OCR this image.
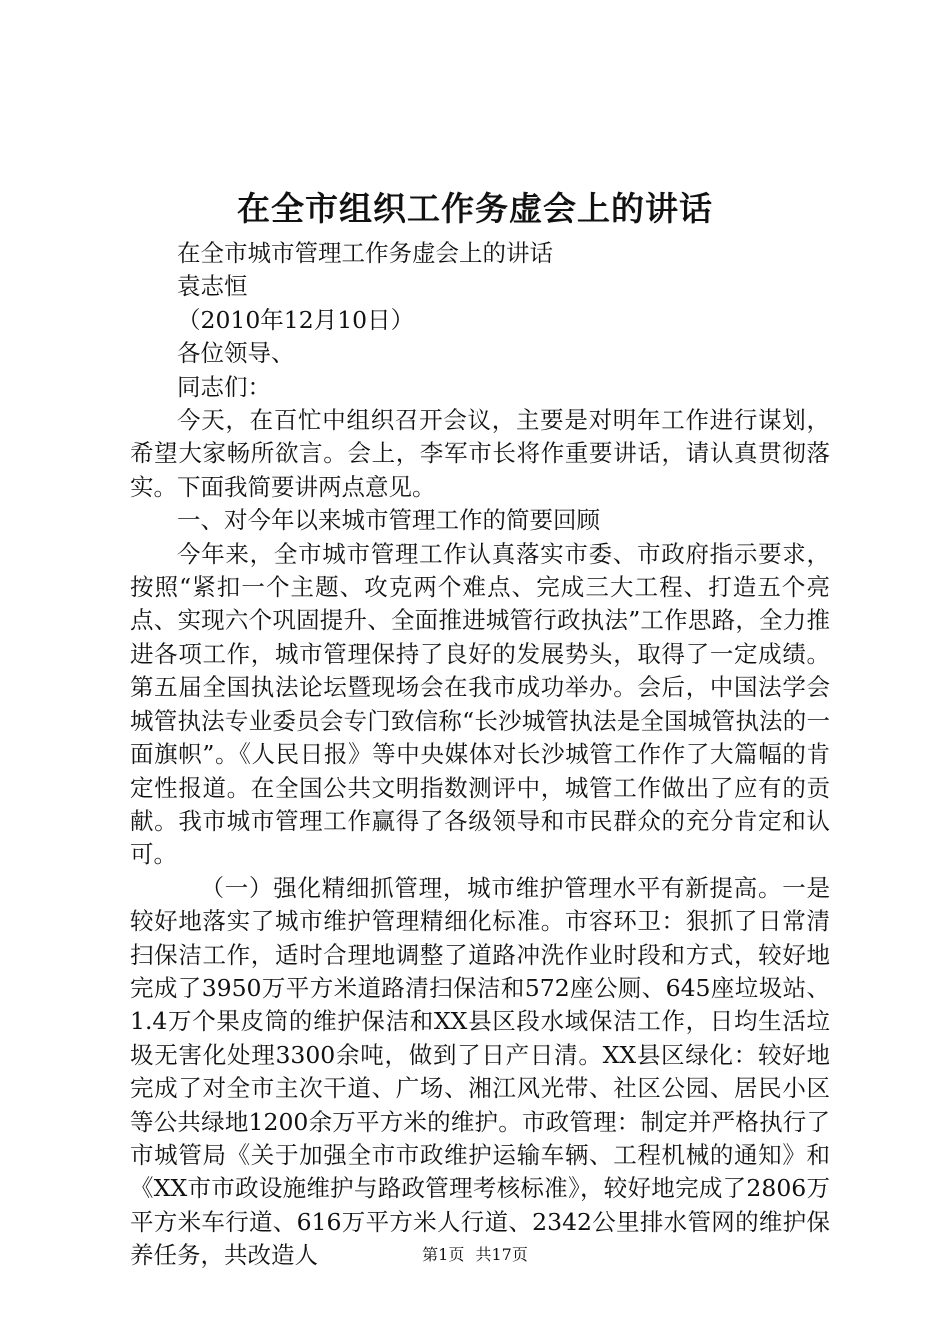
在全市组织工作务虚会上的讲话

在全市城市管理工作务虚会上的讲话

袁志恒

（2010年12月10日）

各位领导、

同志们：

今天，在百忙中组织召开会议，主要是对明年工作进行谋划，希望大家畅所欲言。会上，李军市长将作重要讲话，请认真贯彻落实。下面我简要讲两点意见。

一、对今年以来城市管理工作的简要回顾

今年来，全市城市管理工作认真落实市委、市政府指示要求，按照“紧扣一个主题、攻克两个难点、完成三大工程、打造五个亮点、实现六个巩固提升、全面推进城管行政执法”工作思路，全力推进各项工作，城市管理保持了良好的发展势头，取得了一定成绩。第五届全国执法论坛暨现场会在我市成功举办。会后，中国法学会城管执法专业委员会专门致信称“长沙城管执法是全国城管执法的一面旗帜”。《人民日报》等中央媒体对长沙城管工作作了大篇幅的肯定性报道。在全国公共文明指数测评中，城管工作做出了应有的贡献。我市城市管理工作赢得了各级领导和市民群众的充分肯定和认可。

（一）强化精细抓管理，城市维护管理水平有新提高。一是较好地落实了城市维护管理精细化标准。市容环卫：狠抓了日常清扫保洁工作，适时合理地调整了道路冲洗作业时段和方式，较好地完成了3950万平方米道路清扫保洁和572座公厕、645座垃圾站、1.4万个果皮筒的维护保洁和XX县区段水域保洁工作，日均生活垃圾无害化处理3300余吨，做到了日产日清。XX县区绿化：较好地完成了对全市主次干道、广场、湘江风光带、社区公园、居民小区等公共绿地1200余万平方米的维护。市政管理：制定并严格执行了市城管局《关于加强全市市政维护运输车辆、工程机械的通知》和《XX市市政设施维护与路政管理考核标准》，较好地完成了2806万平方米车行道、616万平方米人行道、2342公里排水管网的维护保养任务，共改造人	第1页 共17页
